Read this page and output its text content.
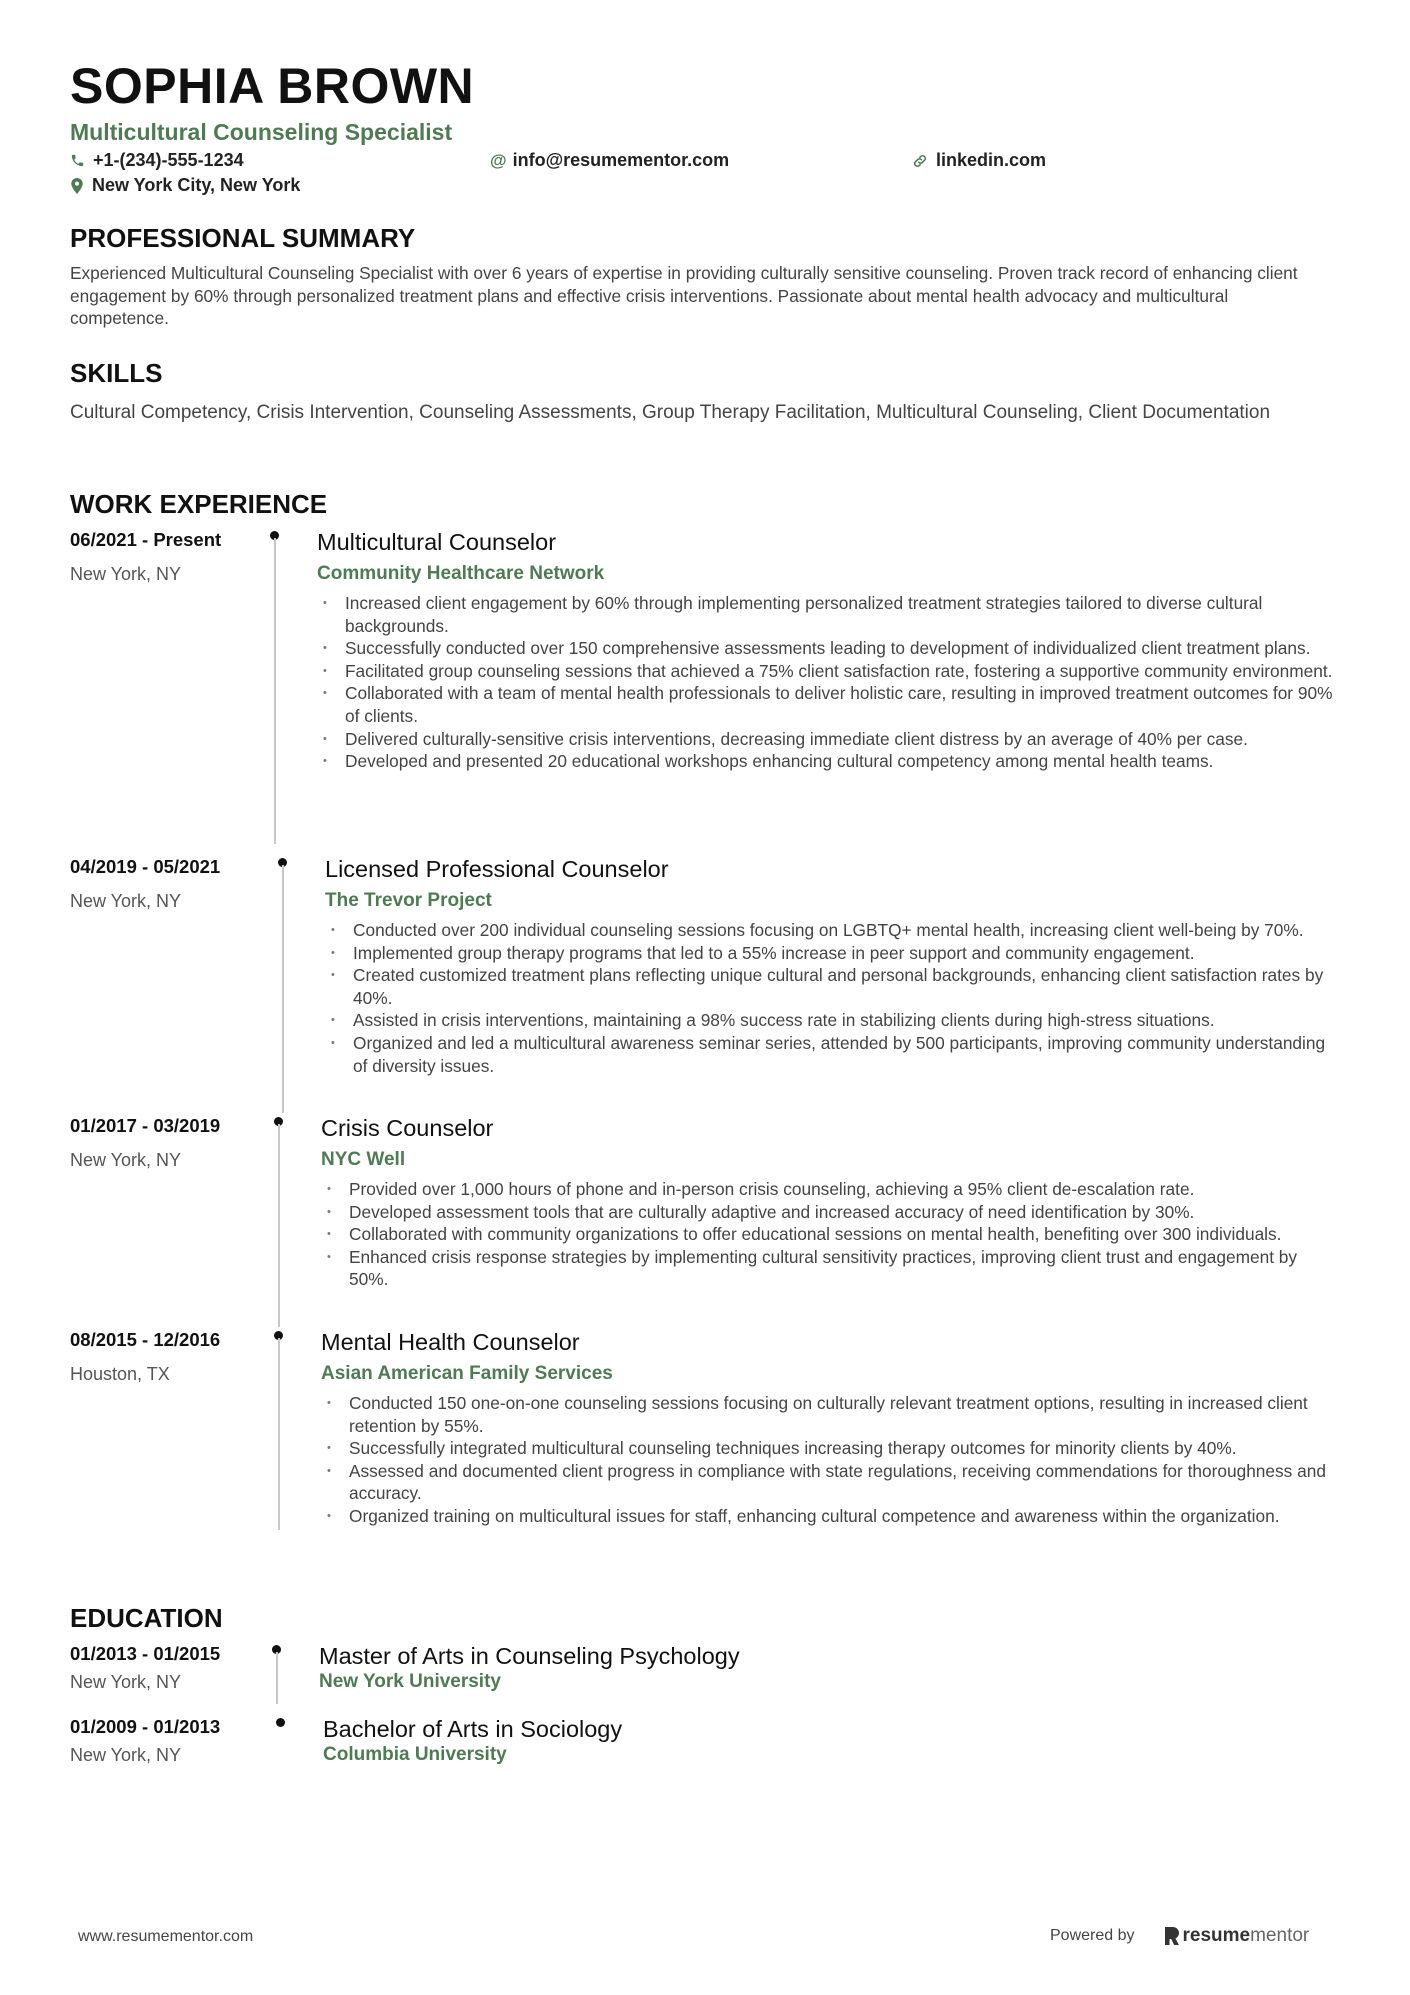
SOPHIA BROWN
Multicultural Counseling Specialist
+1-(234)-555-1234	@ info@resumementor.com	linkedin.com
New York City, New York
PROFESSIONAL SUMMARY
Experienced Multicultural Counseling Specialist with over 6 years of expertise in providing culturally sensitive counseling. Proven track record of enhancing client engagement by 60% through personalized treatment plans and effective crisis interventions. Passionate about mental health advocacy and multicultural competence.
SKILLS
Cultural Competency, Crisis Intervention, Counseling Assessments, Group Therapy Facilitation, Multicultural Counseling, Client Documentation
WORK EXPERIENCE
06/2021 - Present
New York, NY
Multicultural Counselor
Community Healthcare Network
• Increased client engagement by 60% through implementing personalized treatment strategies tailored to diverse cultural backgrounds.
• Successfully conducted over 150 comprehensive assessments leading to development of individualized client treatment plans.
• Facilitated group counseling sessions that achieved a 75% client satisfaction rate, fostering a supportive community environment.
• Collaborated with a team of mental health professionals to deliver holistic care, resulting in improved treatment outcomes for 90% of clients.
• Delivered culturally-sensitive crisis interventions, decreasing immediate client distress by an average of 40% per case.
• Developed and presented 20 educational workshops enhancing cultural competency among mental health teams.
04/2019 - 05/2021
New York, NY
Licensed Professional Counselor
The Trevor Project
• Conducted over 200 individual counseling sessions focusing on LGBTQ+ mental health, increasing client well-being by 70%.
• Implemented group therapy programs that led to a 55% increase in peer support and community engagement.
• Created customized treatment plans reflecting unique cultural and personal backgrounds, enhancing client satisfaction rates by 40%.
• Assisted in crisis interventions, maintaining a 98% success rate in stabilizing clients during high-stress situations.
• Organized and led a multicultural awareness seminar series, attended by 500 participants, improving community understanding of diversity issues.
01/2017 - 03/2019
New York, NY
Crisis Counselor
NYC Well
• Provided over 1,000 hours of phone and in-person crisis counseling, achieving a 95% client de-escalation rate.
• Developed assessment tools that are culturally adaptive and increased accuracy of need identification by 30%.
• Collaborated with community organizations to offer educational sessions on mental health, benefiting over 300 individuals.
• Enhanced crisis response strategies by implementing cultural sensitivity practices, improving client trust and engagement by 50%.
08/2015 - 12/2016
Houston, TX
Mental Health Counselor
Asian American Family Services
• Conducted 150 one-on-one counseling sessions focusing on culturally relevant treatment options, resulting in increased client retention by 55%.
• Successfully integrated multicultural counseling techniques increasing therapy outcomes for minority clients by 40%.
• Assessed and documented client progress in compliance with state regulations, receiving commendations for thoroughness and accuracy.
• Organized training on multicultural issues for staff, enhancing cultural competence and awareness within the organization.
EDUCATION
01/2013 - 01/2015
New York, NY
Master of Arts in Counseling Psychology
New York University
01/2009 - 01/2013
New York, NY
Bachelor of Arts in Sociology
Columbia University
www.resumementor.com	Powered by	resume mentor
